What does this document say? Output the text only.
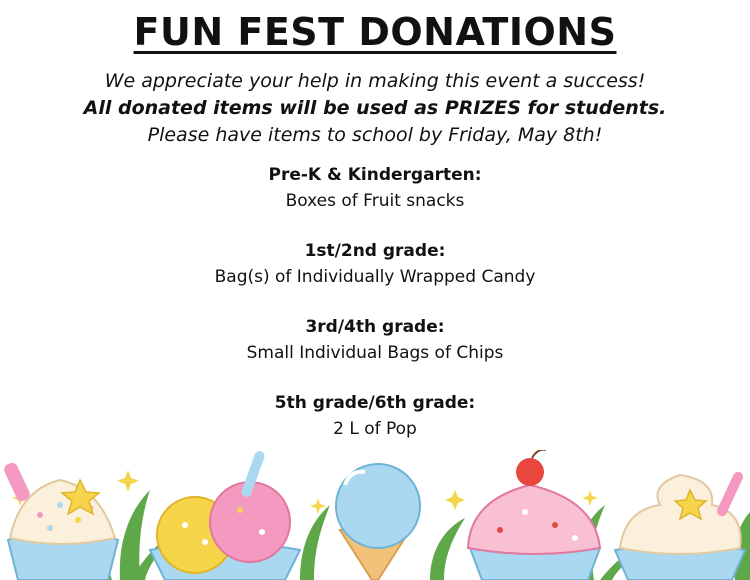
FUN FEST DONATIONS
We appreciate your help in making this event a success!
All donated items will be used as PRIZES for students.
Please have items to school by Friday, May 8th!
Pre-K & Kindergarten:
Boxes of Fruit snacks
1st/2nd grade:
Bag(s) of Individually Wrapped Candy
3rd/4th grade:
Small Individual Bags of Chips
5th grade/6th grade:
2 L of Pop
